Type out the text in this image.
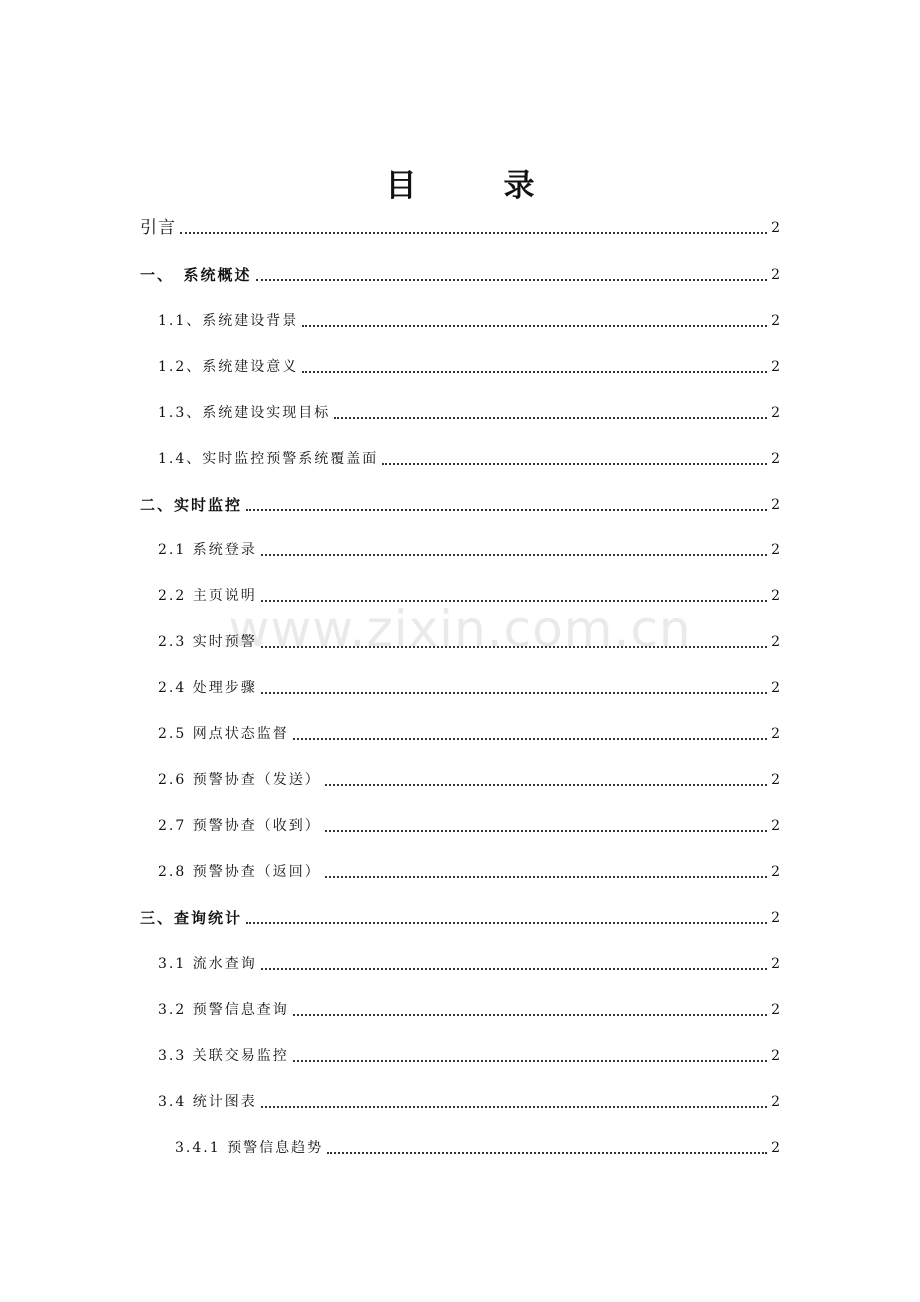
www.zixin.com.cn
目　录
引言	2
一、　系统概述	2
1.1、系统建设背景	2
1.2、系统建设意义	2
1.3、系统建设实现目标	2
1.4、实时监控预警系统覆盖面	2
二、实时监控	2
2.1 系统登录	2
2.2 主页说明	2
2.3 实时预警	2
2.4 处理步骤	2
2.5 网点状态监督	2
2.6 预警协查（发送）	2
2.7 预警协查（收到）	2
2.8 预警协查（返回）	2
三、查询统计	2
3.1 流水查询	2
3.2 预警信息查询	2
3.3 关联交易监控	2
3.4 统计图表	2
3.4.1 预警信息趋势	2
